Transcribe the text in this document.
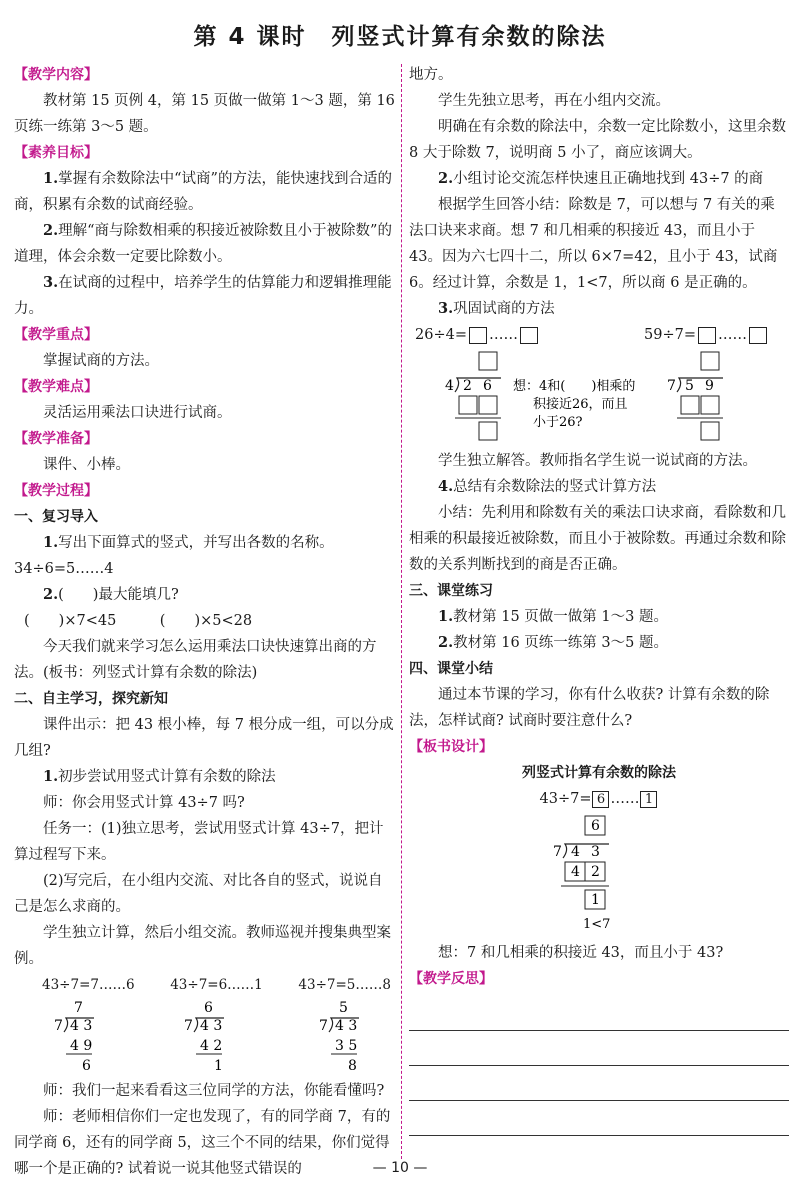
第 4 课时　列竖式计算有余数的除法
【教学内容】

教材第 15 页例 4，第 15 页做一做第 1～3 题，第 16 页练一练第 3～5 题。

【素养目标】

1.掌握有余数除法中“试商”的方法，能快速找到合适的商，积累有余数的试商经验。

2.理解“商与除数相乘的积接近被除数且小于被除数”的道理，体会余数一定要比除数小。

3.在试商的过程中，培养学生的估算能力和逻辑推理能力。

【教学重点】

掌握试商的方法。

【教学难点】

灵活运用乘法口诀进行试商。

【教学准备】

课件、小棒。

【教学过程】
一、复习导入

1.写出下面算式的竖式，并写出各数的名称。

34÷6=5……4

2.(　　)最大能填几?

(　　)×7<45　　　(　　)×5<28

今天我们就来学习怎么运用乘法口诀快速算出商的方法。(板书：列竖式计算有余数的除法)

二、自主学习，探究新知

课件出示：把 43 根小棒，每 7 根分成一组，可以分成几组?

1.初步尝试用竖式计算有余数的除法

师：你会用竖式计算 43÷7 吗?

任务一：(1)独立思考，尝试用竖式计算 43÷7，把计算过程写下来。

(2)写完后，在小组内交流、对比各自的竖式，说说自己是怎么求商的。

学生独立计算，然后小组交流。教师巡视并搜集典型案例。

43÷7=7……6	43÷7=6……1	43÷7=5……8
7
7 4 3
4 9
6
6
7 4 3
4 2
1
5
7 4 3
3 5
8

师：我们一起来看看这三位同学的方法，你能看懂吗?

师：老师相信你们一定也发现了，有的同学商 7，有的同学商 6，还有的同学商 5，这三个不同的结果，你们觉得哪一个是正确的? 试着说一说其他竖式错误的

地方。

学生先独立思考，再在小组内交流。

明确在有余数的除法中，余数一定比除数小，这里余数 8 大于除数 7，说明商 5 小了，商应该调大。

2.小组讨论交流怎样快速且正确地找到 43÷7 的商

根据学生回答小结：除数是 7，可以想与 7 有关的乘法口诀来求商。想 7 和几相乘的积接近 43，而且小于 43。因为六七四十二，所以 6×7=42，且小于 43，试商 6。经过计算，余数是 1，1<7，所以商 6 是正确的。

3.巩固试商的方法

26÷4= ……	59÷7= ……
4 2 6 想：4和(　　)相乘的
积接近26，而且
小于26?
7 5 9

学生独立解答。教师指名学生说一说试商的方法。

4.总结有余数除法的竖式计算方法

小结：先利用和除数有关的乘法口诀求商，看除数和几相乘的积最接近被除数，而且小于被除数。再通过余数和除数的关系判断找到的商是否正确。

三、课堂练习

1.教材第 15 页做一做第 1～3 题。

2.教材第 16 页练一练第 3～5 题。

四、课堂小结

通过本节课的学习，你有什么收获? 计算有余数的除法，怎样试商? 试商时要注意什么?

【板书设计】

列竖式计算有余数的除法

43÷7= 6 …… 1

6
7 4 3
4 2
1
1<7

想：7 和几相乘的积接近 43，而且小于 43?

【教学反思】
— 10 —
